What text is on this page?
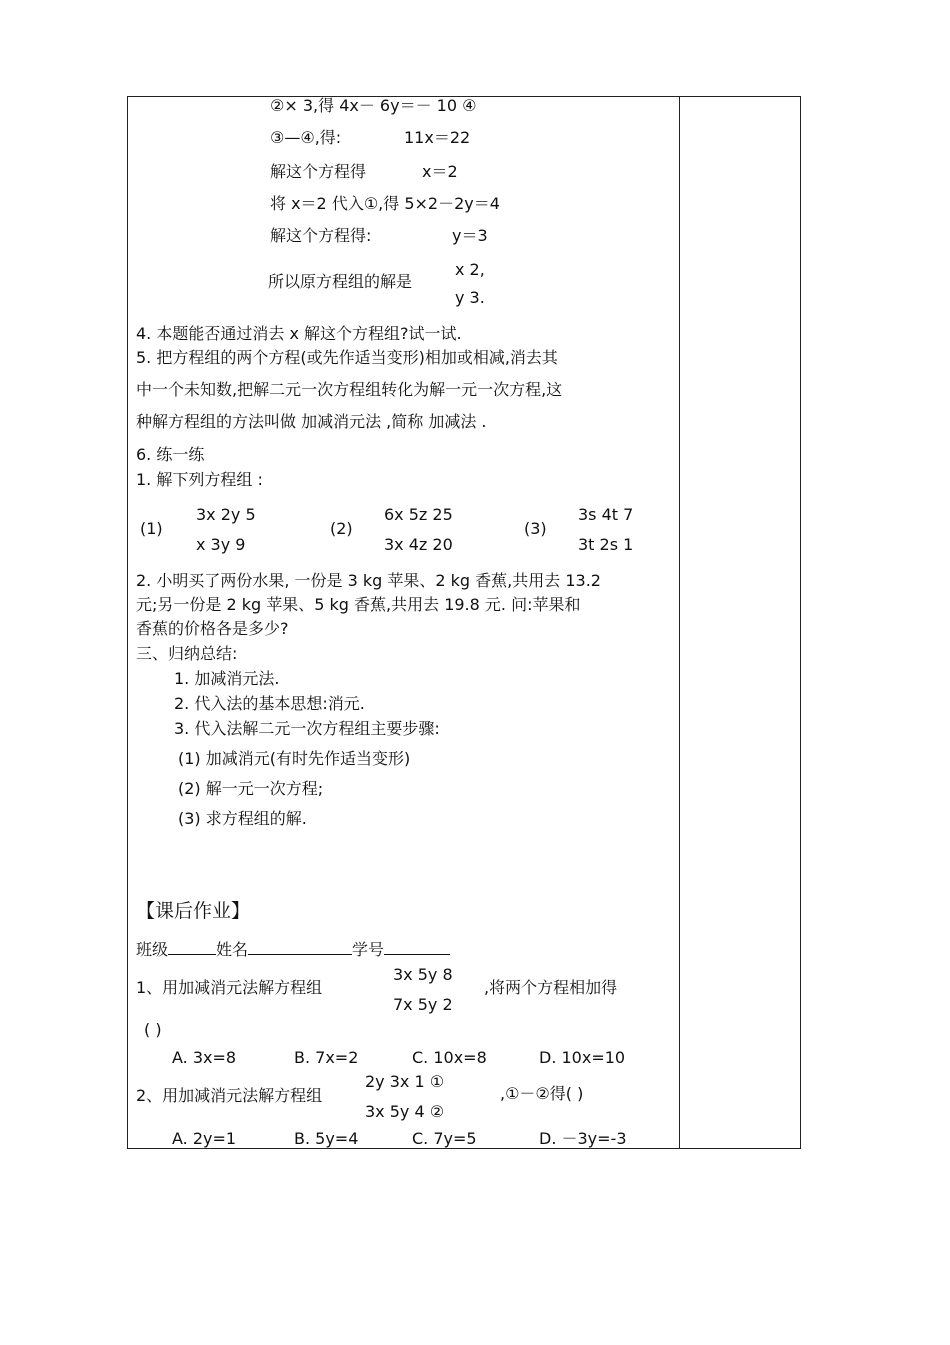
②× 3,得 4x－ 6y＝－ 10 ④
③—④,得:	11x＝22
解这个方程得	x＝2
将 x＝2 代入①,得 5×2－2y＝4
解这个方程得:	y＝3
所以原方程组的解是
x 2,
y 3.
4. 本题能否通过消去 x 解这个方程组?试一试.
5. 把方程组的两个方程(或先作适当变形)相加或相减,消去其
中一个未知数,把解二元一次方程组转化为解一元一次方程,这
种解方程组的方法叫做 加减消元法 ,简称 加减法 .
6. 练一练
1. 解下列方程组 :
(1)
3x 2y 5
x 3y 9
(2)
6x 5z 25
3x 4z 20
(3)
3s 4t 7
3t 2s 1
2. 小明买了两份水果, 一份是 3 kg 苹果、2 kg 香蕉,共用去 13.2
元;另一份是 2 kg 苹果、5 kg 香蕉,共用去 19.8 元. 问:苹果和
香蕉的价格各是多少?
三、归纳总结:
1. 加减消元法.
2. 代入法的基本思想:消元.
3. 代入法解二元一次方程组主要步骤:
(1) 加减消元(有时先作适当变形)
(2) 解一元一次方程;
(3) 求方程组的解.
【课后作业】
班级	姓名	学号
1、用加减消元法解方程组
3x 5y 8
7x 5y 2
,将两个方程相加得
( )
A. 3x=8	B. 7x=2	C. 10x=8	D. 10x=10
2、用加减消元法解方程组
2y 3x 1 ①
3x 5y 4 ②
,①－②得( )
A. 2y=1	B. 5y=4	C. 7y=5	D. －3y=-3
